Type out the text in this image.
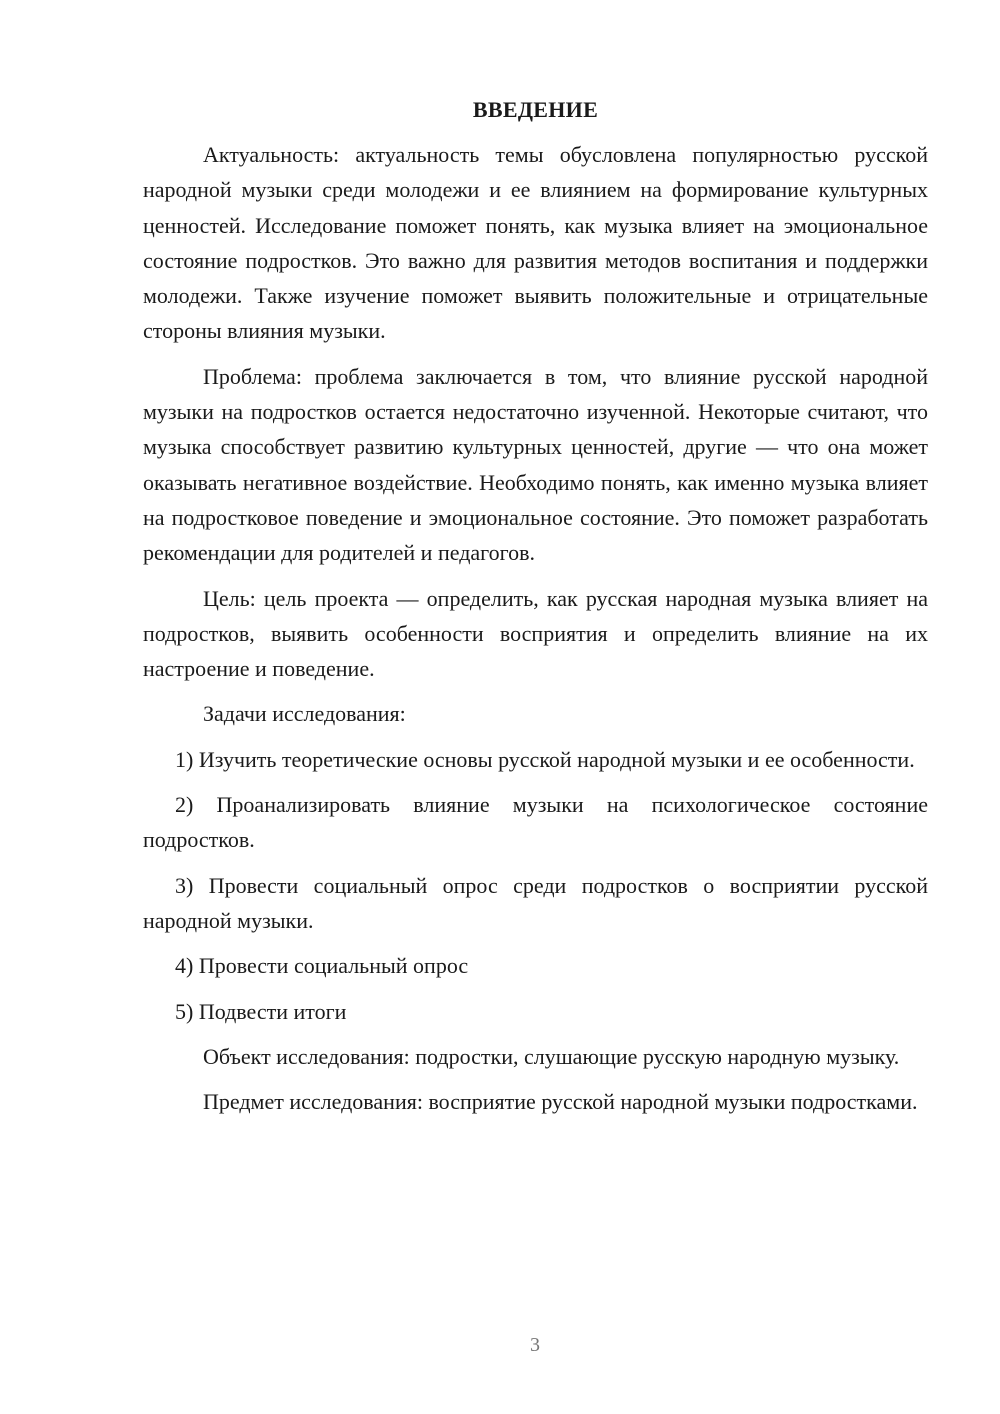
ВВЕДЕНИЕ

Актуальность: актуальность темы обусловлена популярностью русской народной музыки среди молодежи и ее влиянием на формирование культурных ценностей. Исследование поможет понять, как музыка влияет на эмоциональное состояние подростков. Это важно для развития методов воспитания и поддержки молодежи. Также изучение поможет выявить положительные и отрицательные стороны влияния музыки.

Проблема: проблема заключается в том, что влияние русской народной музыки на подростков остается недостаточно изученной. Некоторые считают, что музыка способствует развитию культурных ценностей, другие — что она может оказывать негативное воздействие. Необходимо понять, как именно музыка влияет на подростковое поведение и эмоциональное состояние. Это поможет разработать рекомендации для родителей и педагогов.

Цель: цель проекта — определить, как русская народная музыка влияет на подростков, выявить особенности восприятия и определить влияние на их настроение и поведение.

Задачи исследования:

1) Изучить теоретические основы русской народной музыки и ее особенности.

2) Проанализировать влияние музыки на психологическое состояние подростков.

3) Провести социальный опрос среди подростков о восприятии русской народной музыки.

4) Провести социальный опрос

5) Подвести итоги

Объект исследования: подростки, слушающие русскую народную музыку.

Предмет исследования: восприятие русской народной музыки подростками.

3
